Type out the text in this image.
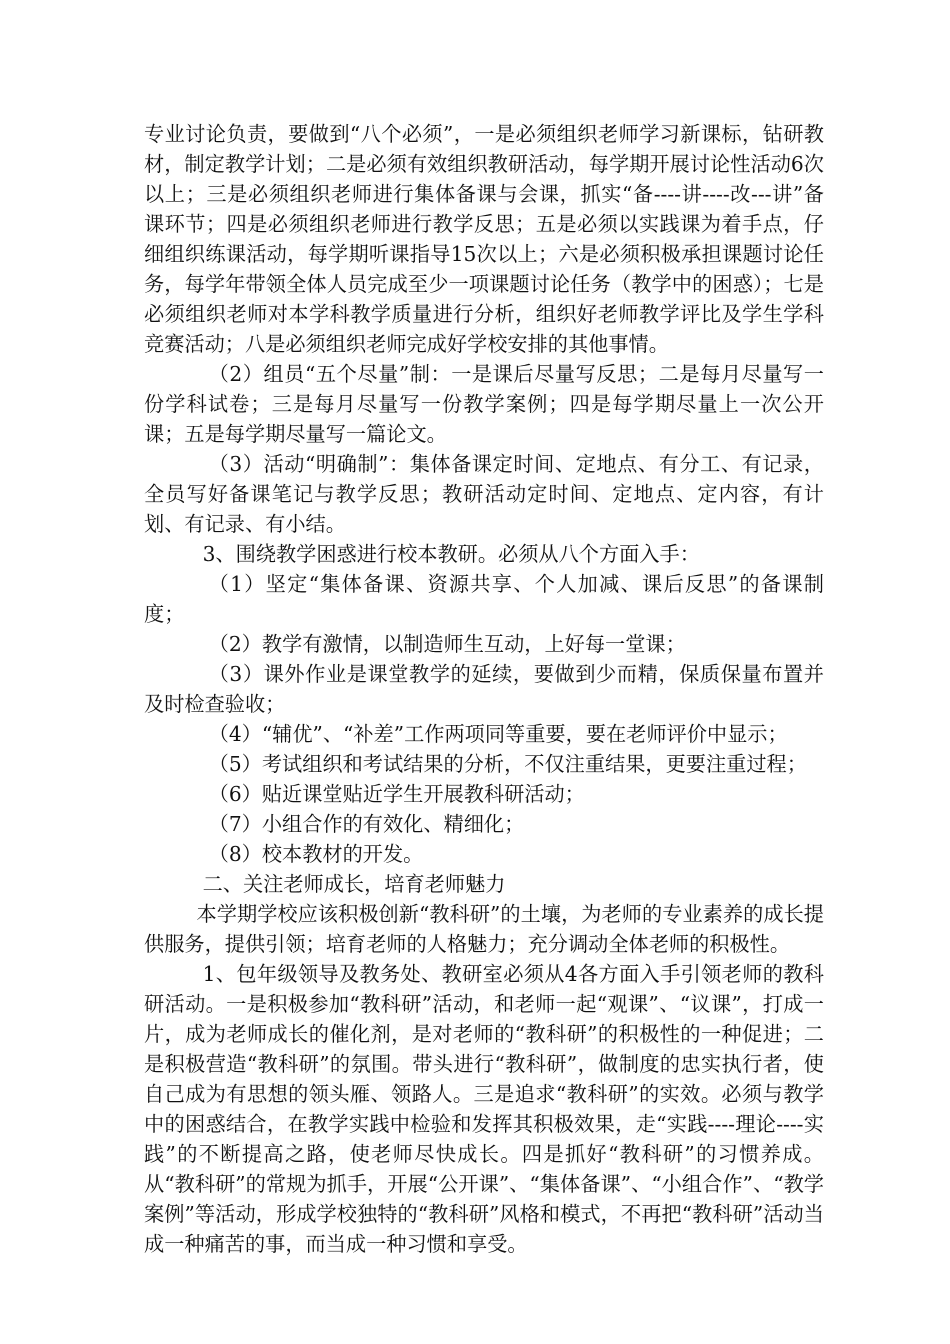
专业讨论负责，要做到“八个必须”，一是必须组织老师学习新课标，钻研教材，制定教学计划；二是必须有效组织教研活动，每学期开展讨论性活动6次以上；三是必须组织老师进行集体备课与会课，抓实“备----讲----改---讲”备课环节；四是必须组织老师进行教学反思；五是必须以实践课为着手点，仔细组织练课活动，每学期听课指导15次以上；六是必须积极承担课题讨论任务，每学年带领全体人员完成至少一项课题讨论任务（教学中的困惑）；七是必须组织老师对本学科教学质量进行分析，组织好老师教学评比及学生学科竞赛活动；八是必须组织老师完成好学校安排的其他事情。

（2）组员“五个尽量”制：一是课后尽量写反思；二是每月尽量写一份学科试卷；三是每月尽量写一份教学案例；四是每学期尽量上一次公开课；五是每学期尽量写一篇论文。

（3）活动“明确制”：集体备课定时间、定地点、有分工、有记录，全员写好备课笔记与教学反思；教研活动定时间、定地点、定内容，有计划、有记录、有小结。

3、围绕教学困惑进行校本教研。必须从八个方面入手：

（1）坚定“集体备课、资源共享、个人加减、课后反思”的备课制度；

（2）教学有激情，以制造师生互动，上好每一堂课；

（3）课外作业是课堂教学的延续，要做到少而精，保质保量布置并及时检查验收；

（4）“辅优”、“补差”工作两项同等重要，要在老师评价中显示；

（5）考试组织和考试结果的分析，不仅注重结果，更要注重过程；

（6）贴近课堂贴近学生开展教科研活动；

（7）小组合作的有效化、精细化；

（8）校本教材的开发。

二、关注老师成长，培育老师魅力

本学期学校应该积极创新“教科研”的土壤，为老师的专业素养的成长提供服务，提供引领；培育老师的人格魅力；充分调动全体老师的积极性。

1、包年级领导及教务处、教研室必须从4各方面入手引领老师的教科研活动。一是积极参加“教科研”活动，和老师一起“观课”、“议课”，打成一片，成为老师成长的催化剂，是对老师的“教科研”的积极性的一种促进；二是积极营造“教科研”的氛围。带头进行“教科研”，做制度的忠实执行者，使自己成为有思想的领头雁、领路人。三是追求“教科研”的实效。必须与教学中的困惑结合，在教学实践中检验和发挥其积极效果，走“实践----理论----实践”的不断提高之路，使老师尽快成长。四是抓好“教科研”的习惯养成。从“教科研”的常规为抓手，开展“公开课”、“集体备课”、“小组合作”、“教学案例”等活动，形成学校独特的“教科研”风格和模式，不再把“教科研”活动当成一种痛苦的事，而当成一种习惯和享受。
